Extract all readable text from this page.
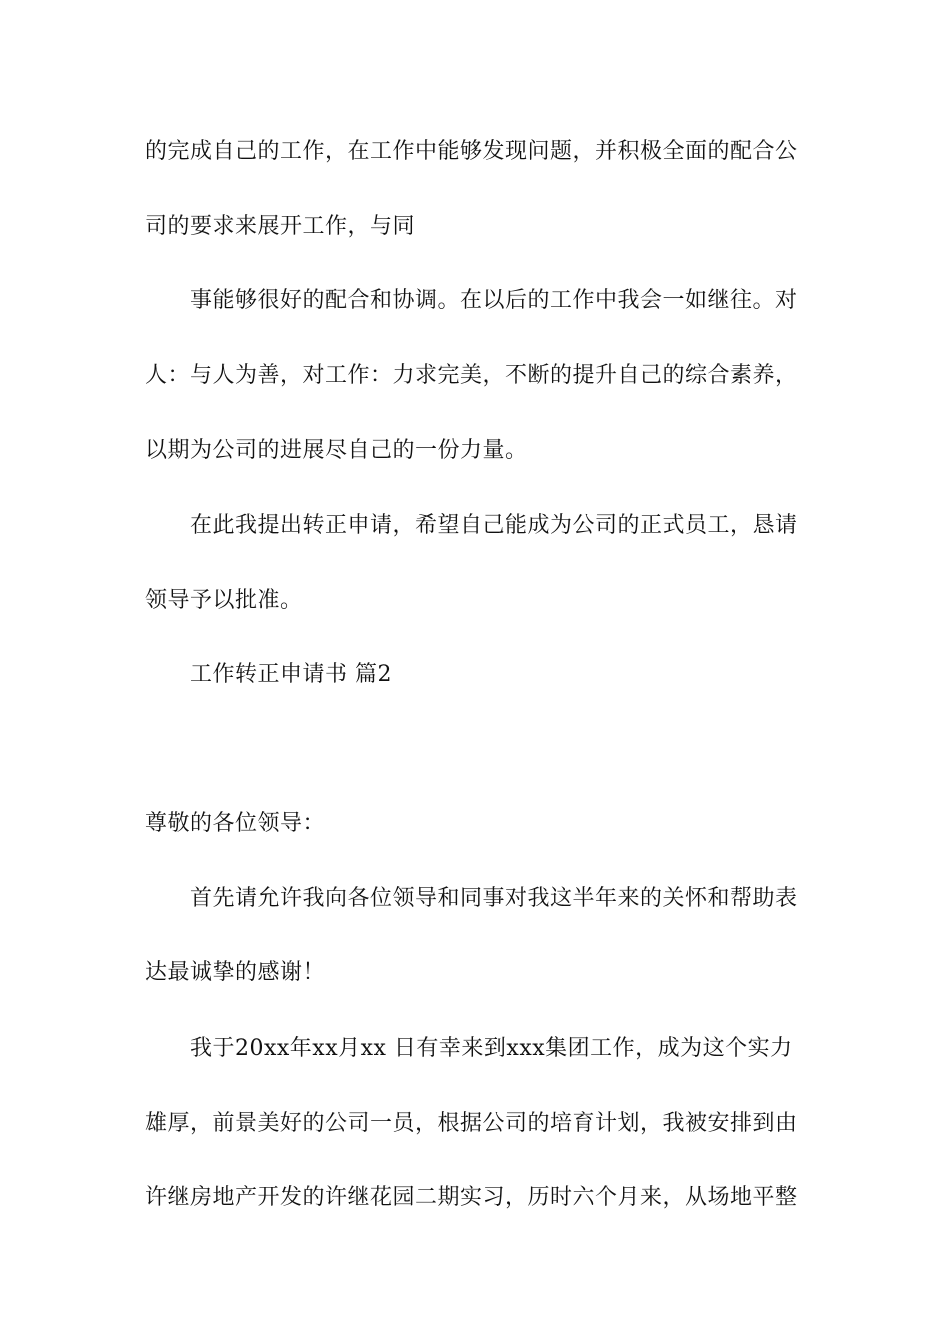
的完成自己的工作，在工作中能够发现问题，并积极全面的配合公
司的要求来展开工作，与同
事能够很好的配合和协调。在以后的工作中我会一如继往。对
人：与人为善，对工作：力求完美，不断的提升自己的综合素养，
以期为公司的进展尽自己的一份力量。
在此我提出转正申请，希望自己能成为公司的正式员工，恳请
领导予以批准。
工作转正申请书 篇2
尊敬的各位领导：
首先请允许我向各位领导和同事对我这半年来的关怀和帮助表
达最诚挚的感谢！
我于20xx年xx月xx 日有幸来到xxx集团工作，成为这个实力
雄厚，前景美好的公司一员，根据公司的培育计划，我被安排到由
许继房地产开发的许继花园二期实习，历时六个月来，从场地平整
